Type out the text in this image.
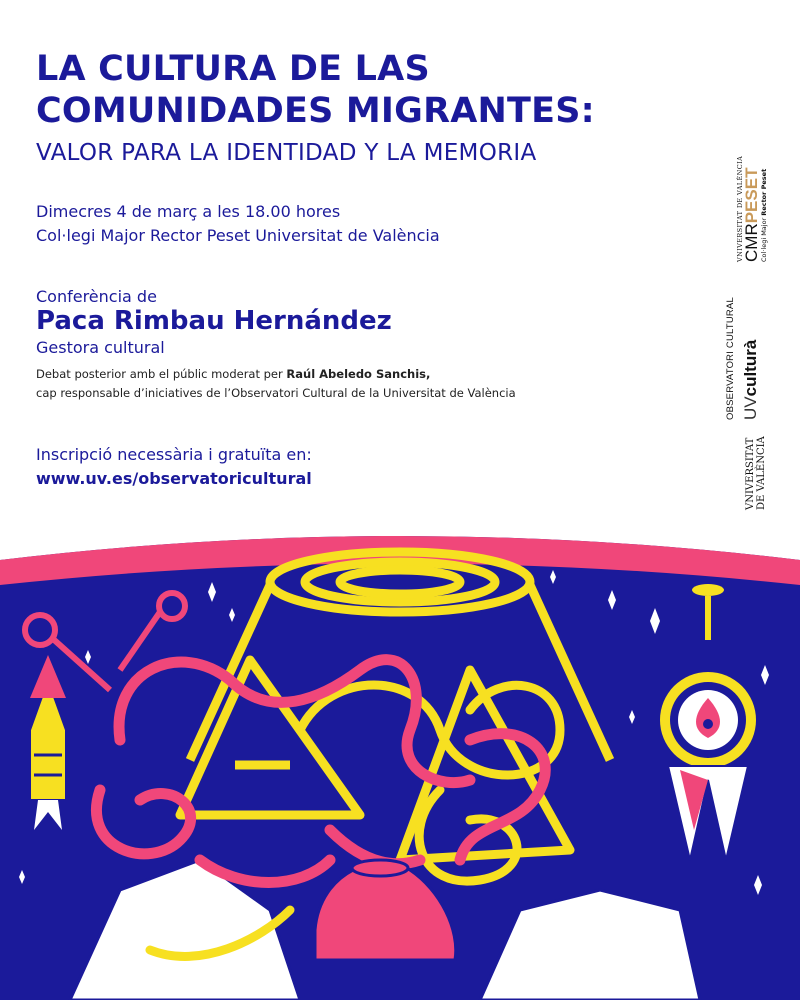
LA CULTURA DE LAS
COMUNIDADES MIGRANTES:
VALOR PARA LA IDENTIDAD Y LA MEMORIA
Dimecres 4 de març a les 18.00 hores
Col·legi Major Rector Peset Universitat de València
Conferència de
Paca Rimbau Hernández
Gestora cultural
Debat posterior amb el públic moderat per Raúl Abeledo Sanchis,
cap responsable d’iniciatives de l’Observatori Cultural de la Universitat de València
Inscripció necessària i gratuïta en:
www.uv.es/observatoricultural
VNIVERSITAT DE VALÈNCIA
CMRPESET
Col·legi Major Rector Peset
UVculturà
OBSERVATORI CULTURAL
VNIVERSITAT DE VALÈNCIA
